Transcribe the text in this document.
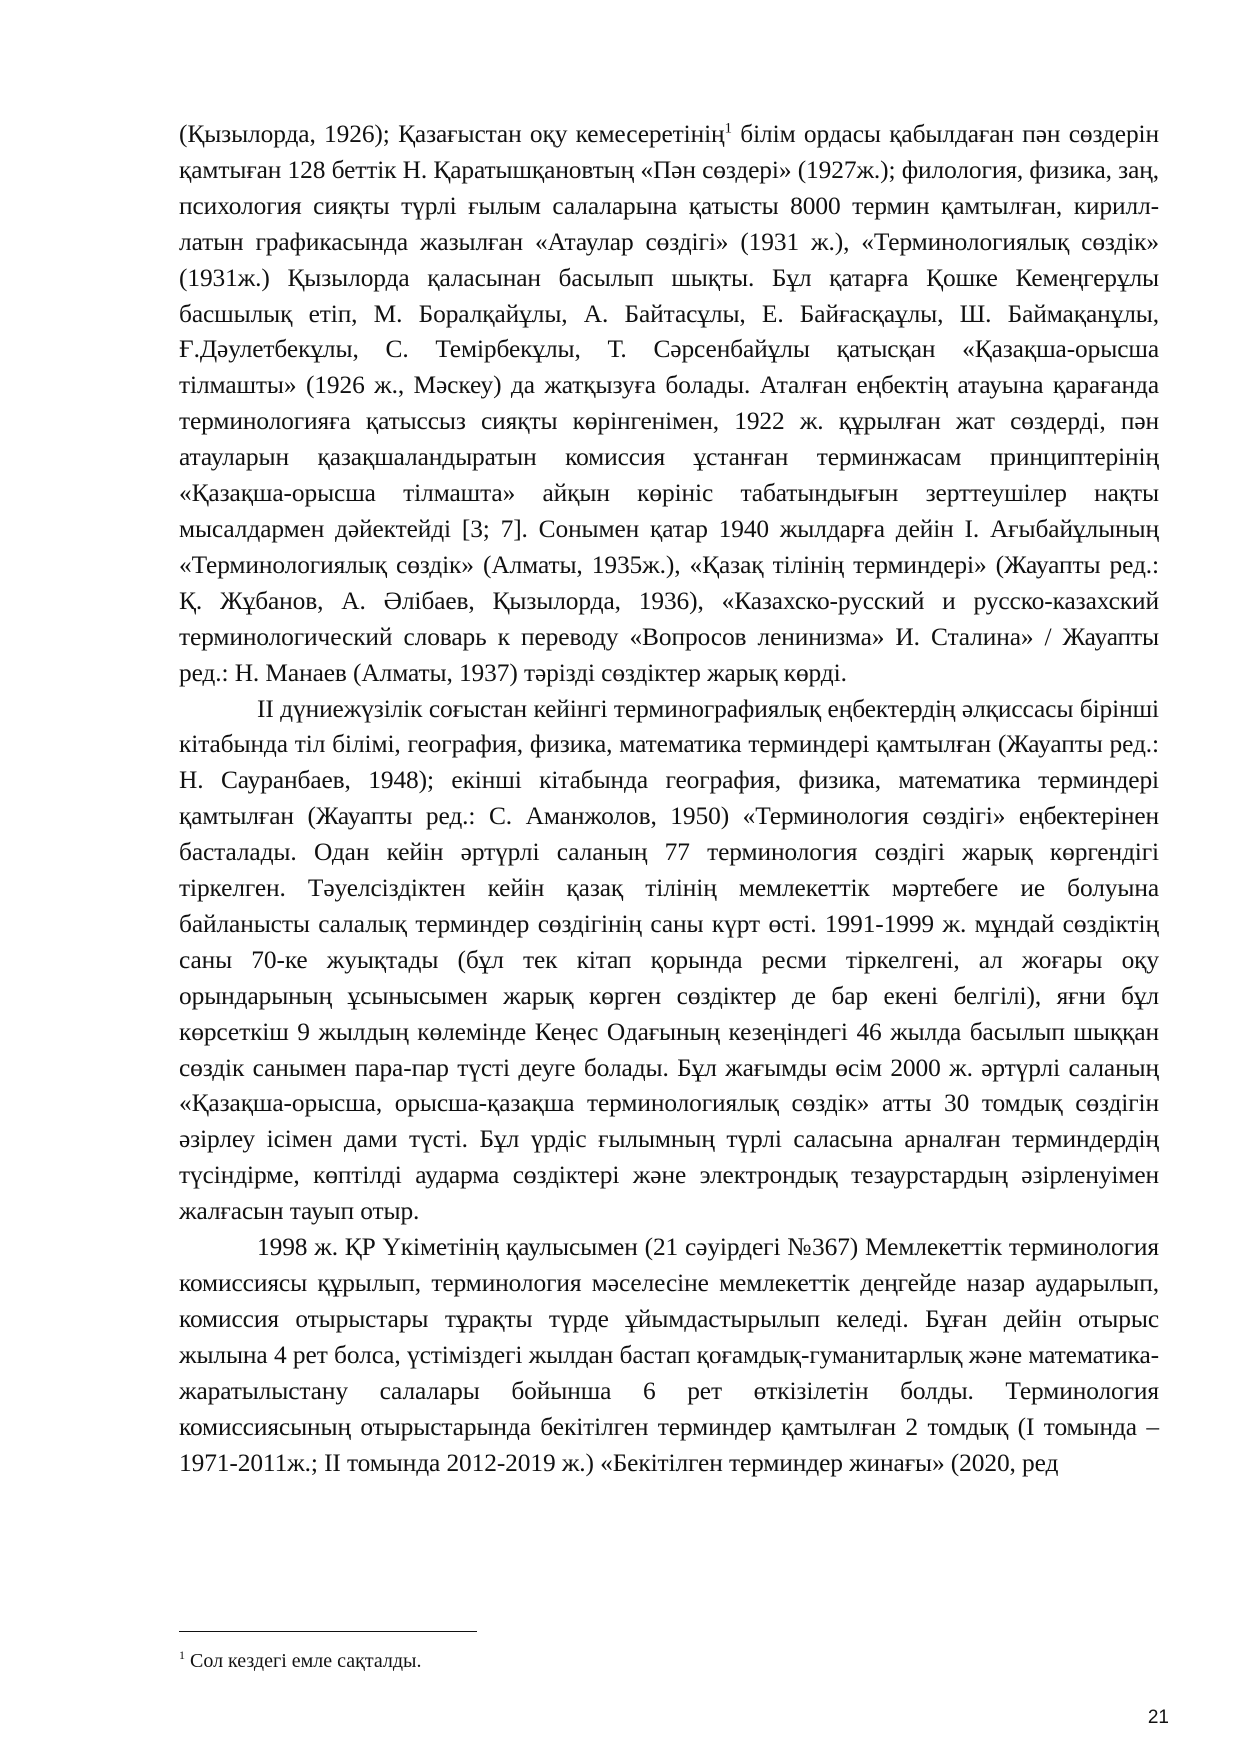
(Қызылорда, 1926); Қазағыстан оқу кемесеретінің$^1$ білім ордасы қабылдаған пән сөздерін қамтыған 128 беттік Н. Қаратышқановтың «Пән сөздері» (1927ж.); филология, физика, заң, психология сияқты түрлі ғылым салаларына қатысты 8000 термин қамтылған, кирилл-латын графикасында жазылған «Атаулар сөздігі» (1931 ж.), «Терминологиялық сөздік» (1931ж.) Қызылорда қаласынан басылып шықты. Бұл қатарға Қошке Кемеңгерұлы басшылық етіп, М. Боралқайұлы, А. Байтасұлы, Е. Байғасқаұлы, Ш. Баймақанұлы, Ғ.Дәулетбекұлы, С. Темірбекұлы, Т. Сәрсенбайұлы қатысқан «Қазақша-орысша тілмашты» (1926 ж., Мәскеу) да жатқызуға болады. Аталған еңбектің атауына қарағанда терминологияға қатыссыз сияқты көрінгенімен, 1922 ж. құрылған жат сөздерді, пән атауларын қазақшаландыратын комиссия ұстанған терминжасам принциптерінің «Қазақша-орысша тілмашта» айқын көрініс табатындығын зерттеушілер нақты мысалдармен дәйектейді [3; 7]. Сонымен қатар 1940 жылдарға дейін І. Ағыбайұлының «Терминологиялық сөздік» (Алматы, 1935ж.), «Қазақ тілінің терминдері» (Жауапты ред.: Қ. Жұбанов, А. Әлібаев, Қызылорда, 1936), «Казахско-русский и русско-казахский терминологический словарь к переводу «Вопросов ленинизма» И. Сталина» / Жауапты ред.: Н. Манаев (Алматы, 1937) тәрізді сөздіктер жарық көрді.

ІІ дүниежүзілік соғыстан кейінгі терминографиялық еңбектердің әлқиссасы бірінші кітабында тіл білімі, география, физика, математика терминдері қамтылған (Жауапты ред.: Н. Сауранбаев, 1948); екінші кітабында география, физика, математика терминдері қамтылған (Жауапты ред.: С. Аманжолов, 1950) «Терминология сөздігі» еңбектерінен басталады. Одан кейін әртүрлі саланың 77 терминология сөздігі жарық көргендігі тіркелген. Тәуелсіздіктен кейін қазақ тілінің мемлекеттік мәртебеге ие болуына байланысты салалық терминдер сөздігінің саны күрт өсті. 1991-1999 ж. мұндай сөздіктің саны 70-ке жуықтады (бұл тек кітап қорында ресми тіркелгені, ал жоғары оқу орындарының ұсынысымен жарық көрген сөздіктер де бар екені белгілі), яғни бұл көрсеткіш 9 жылдың көлемінде Кеңес Одағының кезеңіндегі 46 жылда басылып шыққан сөздік санымен пара-пар түсті деуге болады. Бұл жағымды өсім 2000 ж. әртүрлі саланың «Қазақша-орысша, орысша-қазақша терминологиялық сөздік» атты 30 томдық сөздігін әзірлеу ісімен дами түсті. Бұл үрдіс ғылымның түрлі саласына арналған терминдердің түсіндірме, көптілді аударма сөздіктері және электрондық тезаурстардың әзірленуімен жалғасын тауып отыр.

1998 ж. ҚР Үкіметінің қаулысымен (21 сәуірдегі №367) Мемлекеттік терминология комиссиясы құрылып, терминология мәселесіне мемлекеттік деңгейде назар аударылып, комиссия отырыстары тұрақты түрде ұйымдастырылып келеді. Бұған дейін отырыс жылына 4 рет болса, үстіміздегі жылдан бастап қоғамдық-гуманитарлық және математика-жаратылыстану салалары бойынша 6 рет өткізілетін болды. Терминология комиссиясының отырыстарында бекітілген терминдер қамтылған 2 томдық (І томында – 1971-2011ж.; ІІ томында 2012-2019 ж.) «Бекітілген терминдер жинағы» (2020, ред

$^1$ Сол кездегі емле сақталды.

21
